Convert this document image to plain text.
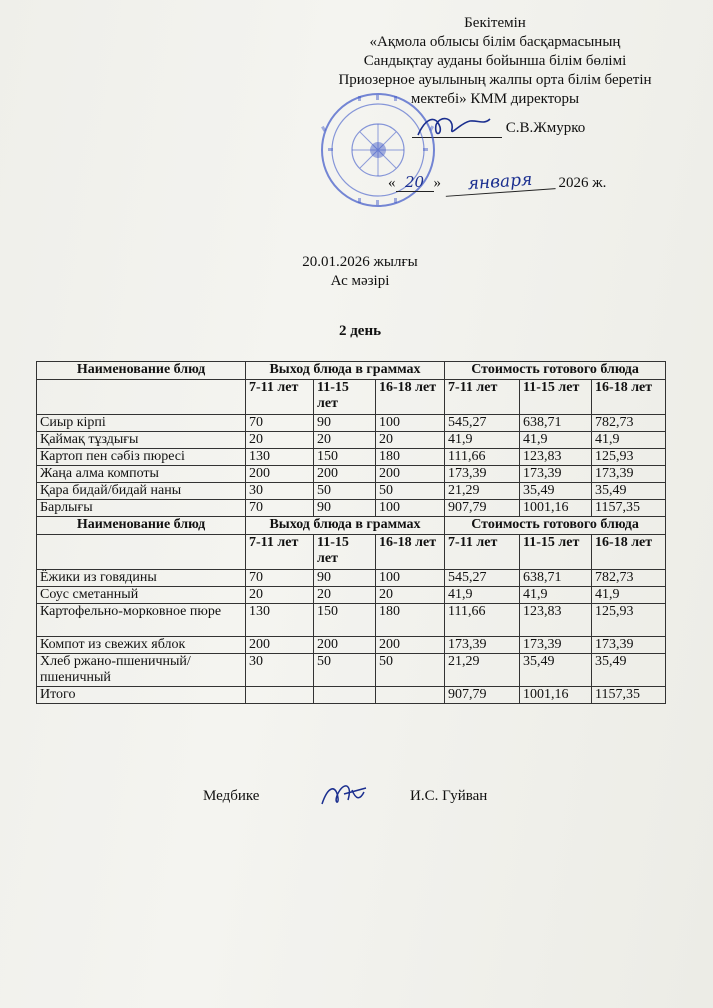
Бекітемін
«Ақмола облысы білім басқармасының
Сандықтау ауданы бойынша білім бөлімі
Приозерное ауылының жалпы орта білім беретін
мектебі» КММ директоры
С.В.Жмурко
« 20 » января 2026 ж.
20.01.2026 жылғы
Ас мәзірі
2 день
Наименование блюд	Выход блюда в граммах			Стоимость готового блюда		
	7-11 лет	11-15 лет	16-18 лет	7-11 лет	11-15 лет	16-18 лет
Сиыр кірпі	70	90	100	545,27	638,71	782,73
Қаймақ тұздығы	20	20	20	41,9	41,9	41,9
Картоп пен сәбіз пюресі	130	150	180	111,66	123,83	125,93
Жаңа алма компоты	200	200	200	173,39	173,39	173,39
Қара бидай/бидай наны	30	50	50	21,29	35,49	35,49
Барлығы	70	90	100	907,79	1001,16	1157,35
Наименование блюд	Выход блюда в граммах			Стоимость готового блюда		
	7-11 лет	11-15 лет	16-18 лет	7-11 лет	11-15 лет	16-18 лет
Ёжики из говядины	70	90	100	545,27	638,71	782,73
Соус сметанный	20	20	20	41,9	41,9	41,9
Картофельно-морковное пюре	130	150	180	111,66	123,83	125,93
Компот из свежих яблок	200	200	200	173,39	173,39	173,39
Хлеб ржано-пшеничный/пшеничный	30	50	50	21,29	35,49	35,49
Итого				907,79	1001,16	1157,35
Медбике	И.С. Гуйван
